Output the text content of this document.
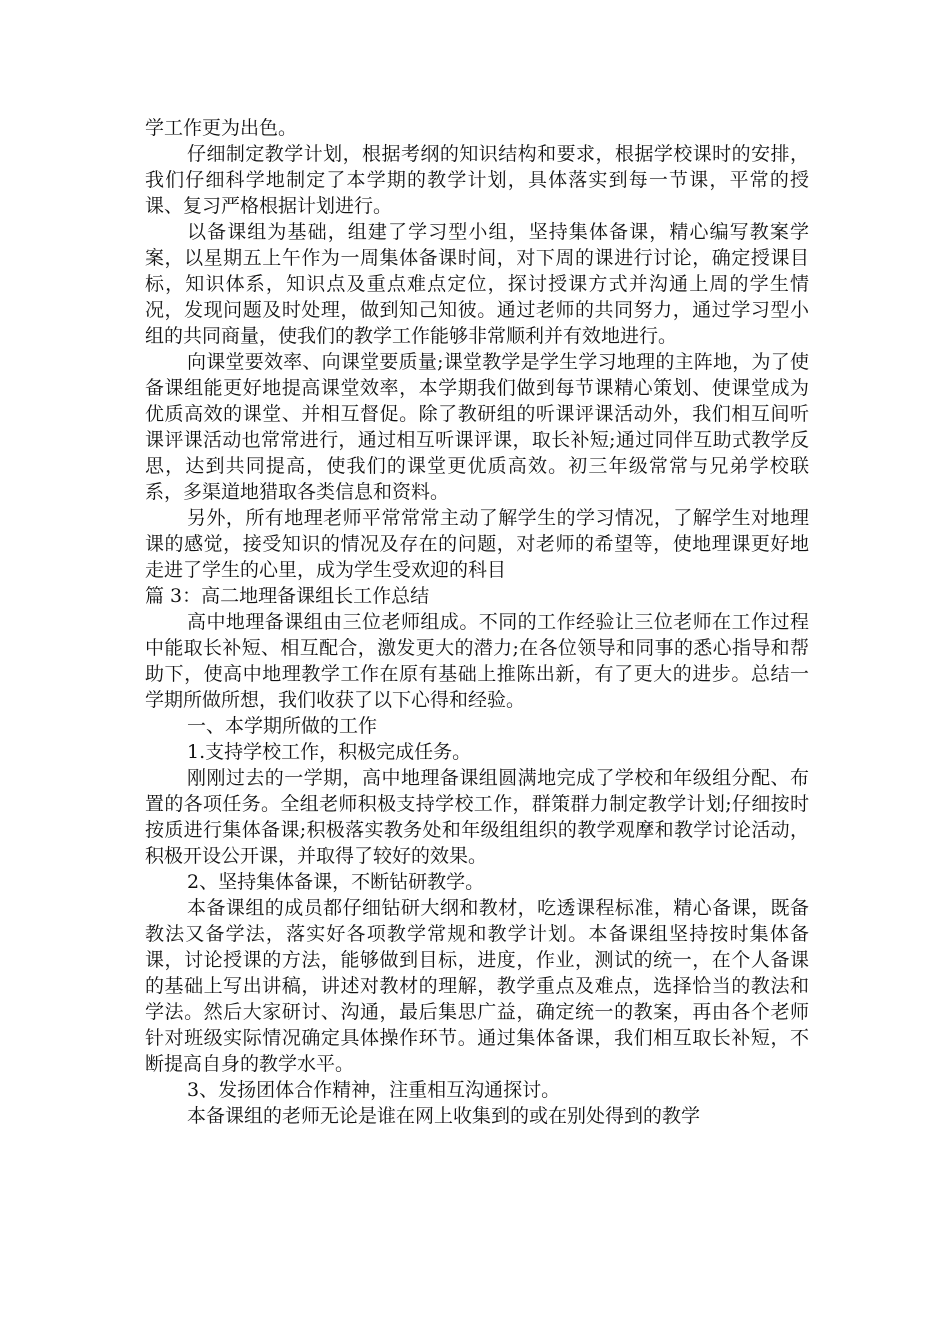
学工作更为出色。

仔细制定教学计划，根据考纲的知识结构和要求，根据学校课时的安排，我们仔细科学地制定了本学期的教学计划，具体落实到每一节课，平常的授课、复习严格根据计划进行。

以备课组为基础，组建了学习型小组，坚持集体备课，精心编写教案学案，以星期五上午作为一周集体备课时间，对下周的课进行讨论，确定授课目标，知识体系，知识点及重点难点定位，探讨授课方式并沟通上周的学生情况，发现问题及时处理，做到知己知彼。通过老师的共同努力，通过学习型小组的共同商量，使我们的教学工作能够非常顺利并有效地进行。

向课堂要效率、向课堂要质量;课堂教学是学生学习地理的主阵地，为了使备课组能更好地提高课堂效率，本学期我们做到每节课精心策划、使课堂成为优质高效的课堂、并相互督促。除了教研组的听课评课活动外，我们相互间听课评课活动也常常进行，通过相互听课评课，取长补短;通过同伴互助式教学反思，达到共同提高，使我们的课堂更优质高效。初三年级常常与兄弟学校联系，多渠道地猎取各类信息和资料。

另外，所有地理老师平常常常主动了解学生的学习情况，了解学生对地理课的感觉，接受知识的情况及存在的问题，对老师的希望等，使地理课更好地走进了学生的心里，成为学生受欢迎的科目

篇 3：高二地理备课组长工作总结

高中地理备课组由三位老师组成。不同的工作经验让三位老师在工作过程中能取长补短、相互配合，激发更大的潜力;在各位领导和同事的悉心指导和帮助下，使高中地理教学工作在原有基础上推陈出新，有了更大的进步。总结一学期所做所想，我们收获了以下心得和经验。

一、本学期所做的工作

1.支持学校工作，积极完成任务。

刚刚过去的一学期，高中地理备课组圆满地完成了学校和年级组分配、布置的各项任务。全组老师积极支持学校工作，群策群力制定教学计划;仔细按时按质进行集体备课;积极落实教务处和年级组组织的教学观摩和教学讨论活动，积极开设公开课，并取得了较好的效果。

2、坚持集体备课，不断钻研教学。

本备课组的成员都仔细钻研大纲和教材，吃透课程标准，精心备课，既备教法又备学法，落实好各项教学常规和教学计划。本备课组坚持按时集体备课，讨论授课的方法，能够做到目标，进度，作业，测试的统一，在个人备课的基础上写出讲稿，讲述对教材的理解，教学重点及难点，选择恰当的教法和学法。然后大家研讨、沟通，最后集思广益，确定统一的教案，再由各个老师针对班级实际情况确定具体操作环节。通过集体备课，我们相互取长补短，不断提高自身的教学水平。

3、发扬团体合作精神，注重相互沟通探讨。

本备课组的老师无论是谁在网上收集到的或在别处得到的教学
